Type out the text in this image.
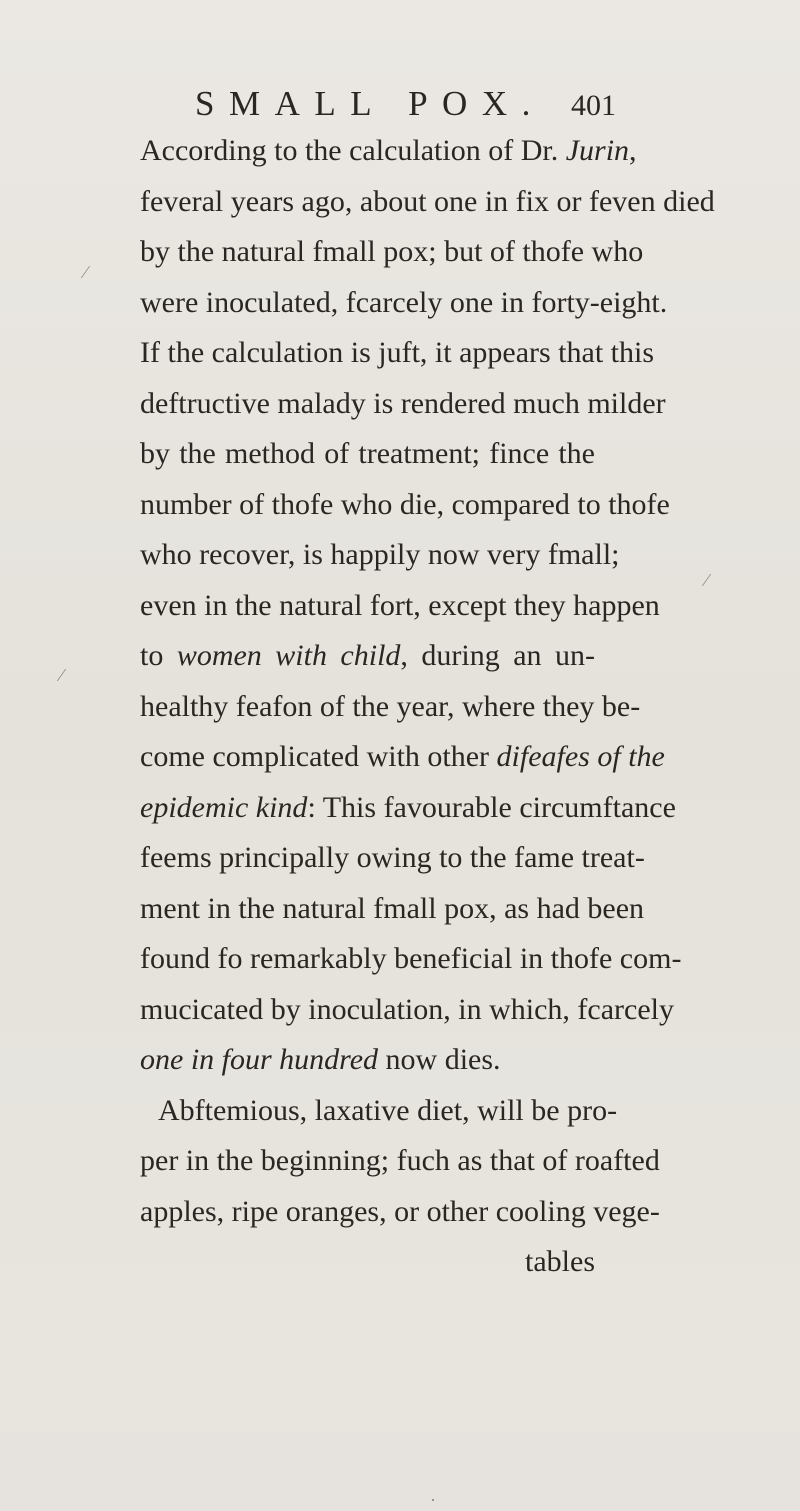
SMALL POX. 401
According to the calculation of Dr. Jurin,
feveral years ago, about one in fix or feven died
by the natural fmall pox; but of thofe who
were inoculated, fcarcely one in forty-eight.
If the calculation is juft, it appears that this
deftructive malady is rendered much milder
by the method of treatment; fince the
number of thofe who die, compared to thofe
who recover, is happily now very fmall;
even in the natural fort, except they happen
to women with child, during an un-
healthy feafon of the year, where they be-
come complicated with other difeafes of the
epidemic kind: This favourable circumftance
feems principally owing to the fame treat-
ment in the natural fmall pox, as had been
found fo remarkably beneficial in thofe com-
mucicated by inoculation, in which, fcarcely
one in four hundred now dies.
Abftemious, laxative diet, will be pro-
per in the beginning; fuch as that of roafted
apples, ripe oranges, or other cooling vege-
tables
⁄
⁄
⁄
·
